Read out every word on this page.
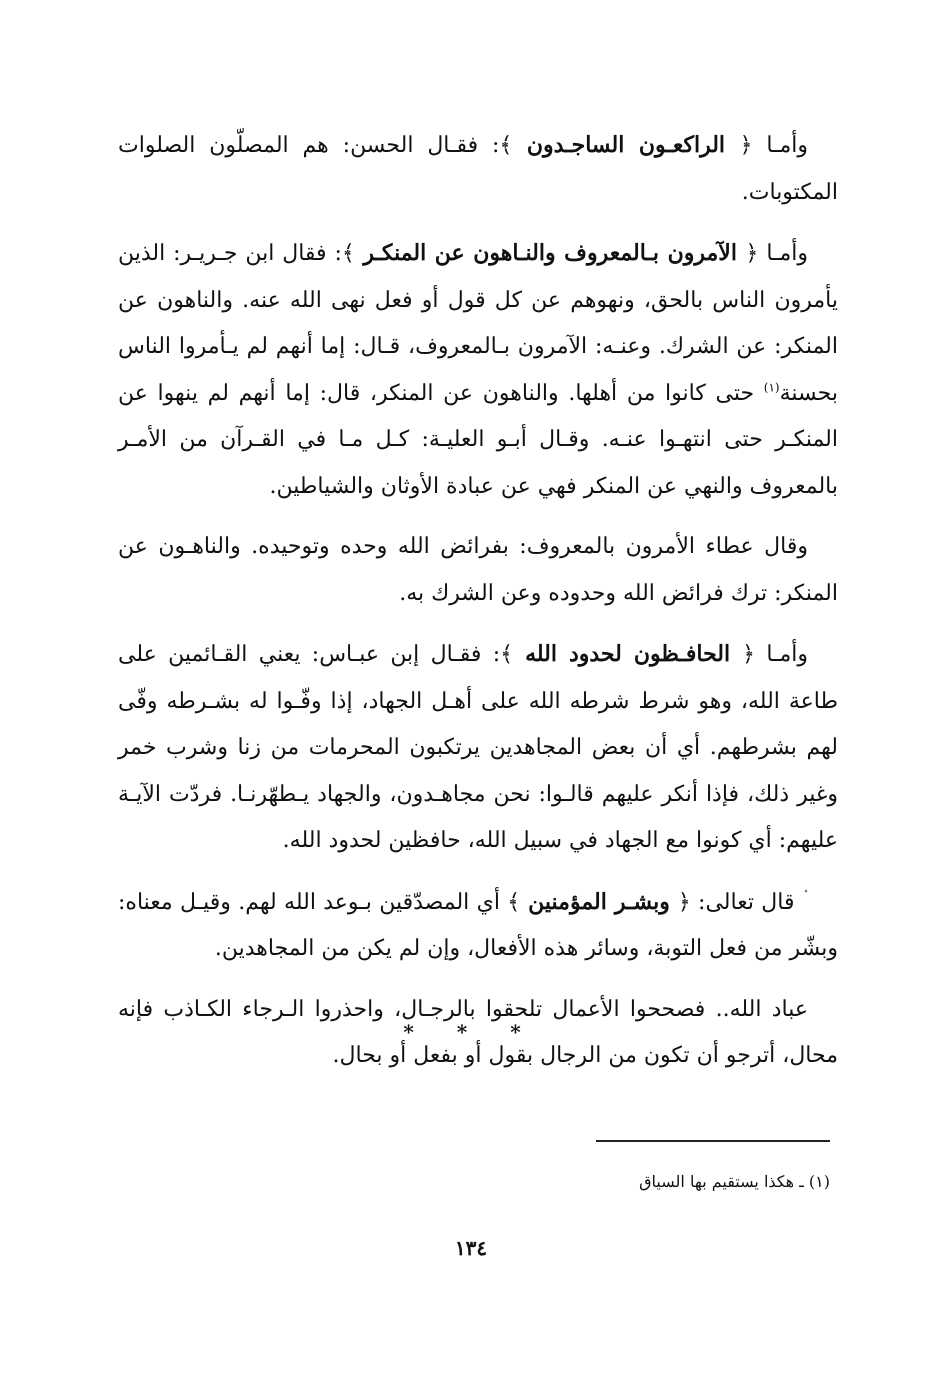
وأمـا ﴿ الراكعـون الساجـدون ﴾: فقـال الحسن: هم المصلّون الصلوات المكتوبات.

وأمـا ﴿ الآمرون بـالمعروف والنـاهون عن المنكـر ﴾: فقال ابن جـريـر: الذين يأمرون الناس بالحق، ونهوهم عن كل قول أو فعل نهى الله عنه. والناهون عن المنكر: عن الشرك. وعنـه: الآمرون بـالمعروف، قـال: إما أنهم لم يـأمروا الناس بحسنة$^{(١)}$ حتى كانوا من أهلها. والناهون عن المنكر، قال: إما أنهم لم ينهوا عن المنكـر حتى انتهـوا عنـه. وقـال أبـو العليـة: كـل مـا في القـرآن من الأمـر بالمعروف والنهي عن المنكر فهي عن عبادة الأوثان والشياطين.

وقال عطاء الأمرون بالمعروف: بفرائض الله وحده وتوحيده. والناهـون عن المنكر: ترك فرائض الله وحدوده وعن الشرك به.

وأمـا ﴿ الحافـظون لحدود الله ﴾: فقـال إبن عبـاس: يعني القـائمين على طاعة الله، وهو شرط شرطه الله على أهـل الجهاد، إذا وفّـوا له بشـرطه وفّى لهم بشرطهم. أي أن بعض المجاهدين يرتكبون المحرمات من زنا وشرب خمر وغير ذلك، فإذا أنكر عليهم قالـوا: نحن مجاهـدون، والجهاد يـطهّرنـا. فردّت الآيـة عليهم: أي كونوا مع الجهاد في سبيل الله، حافظين لحدود الله.

$^ٴ$قال تعالى: ﴿ وبشـر المؤمنين ﴾ أي المصدّقين بـوعد الله لهم. وقيـل معناه: وبشّر من فعل التوبة، وسائر هذه الأفعال، وإن لم يكن من المجاهدين.

عباد الله.. فصححوا الأعمال تلحقوا بالرجـال، واحذروا الـرجاء الكـاذب فإنه محال، أترجو أن تكون من الرجال بقول أو بفعل أو بحال.

* * *
(١) ـ هكذا يستقيم بها السياق
١٣٤
